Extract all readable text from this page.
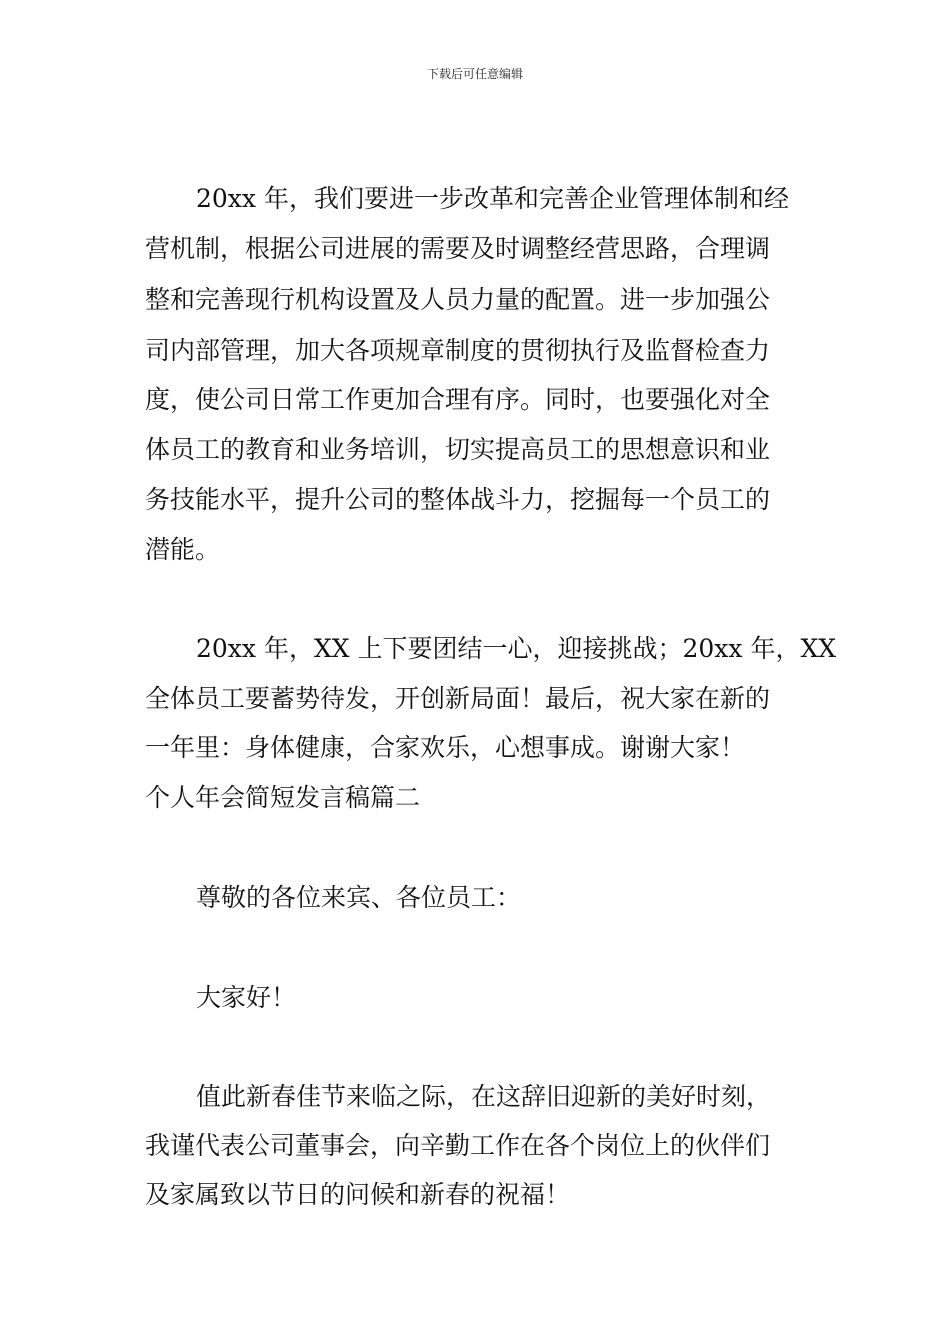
下载后可任意编辑
20xx 年，我们要进一步改革和完善企业管理体制和经
营机制，根据公司进展的需要及时调整经营思路，合理调
整和完善现行机构设置及人员力量的配置。进一步加强公
司内部管理，加大各项规章制度的贯彻执行及监督检查力
度，使公司日常工作更加合理有序。同时，也要强化对全
体员工的教育和业务培训，切实提高员工的思想意识和业
务技能水平，提升公司的整体战斗力，挖掘每一个员工的
潜能。
20xx 年，XX 上下要团结一心，迎接挑战；20xx 年，XX
全体员工要蓄势待发，开创新局面！最后，祝大家在新的
一年里：身体健康，合家欢乐，心想事成。谢谢大家！
个人年会简短发言稿篇二
尊敬的各位来宾、各位员工：
大家好！
值此新春佳节来临之际，在这辞旧迎新的美好时刻，
我谨代表公司董事会，向辛勤工作在各个岗位上的伙伴们
及家属致以节日的问候和新春的祝福！
